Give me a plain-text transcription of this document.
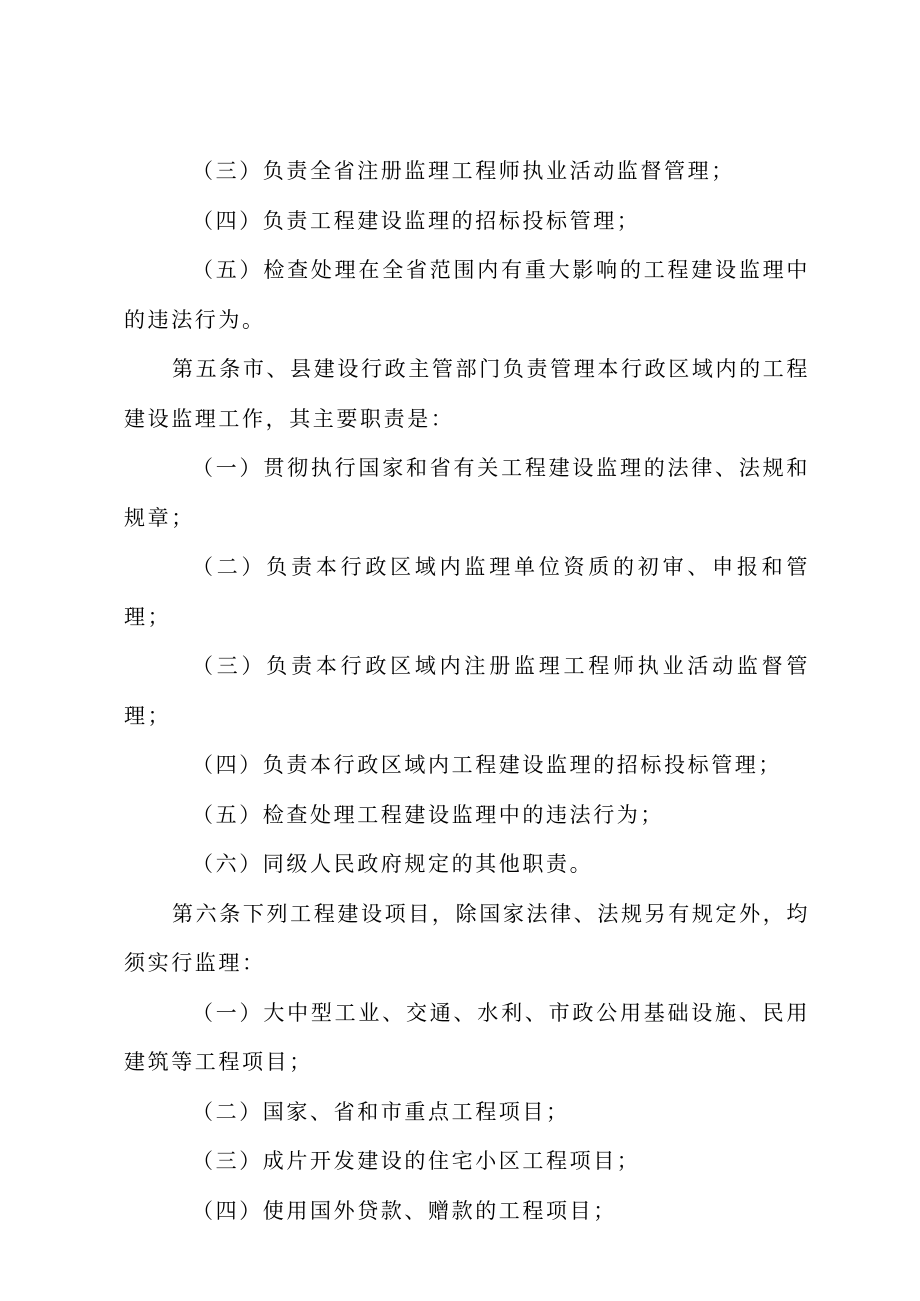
（三）负责全省注册监理工程师执业活动监督管理；

（四）负责工程建设监理的招标投标管理；

（五）检查处理在全省范围内有重大影响的工程建设监理中的违法行为。

第五条市、县建设行政主管部门负责管理本行政区域内的工程建设监理工作，其主要职责是：

（一）贯彻执行国家和省有关工程建设监理的法律、法规和规章；

（二）负责本行政区域内监理单位资质的初审、申报和管理；

（三）负责本行政区域内注册监理工程师执业活动监督管理；

（四）负责本行政区域内工程建设监理的招标投标管理；

（五）检查处理工程建设监理中的违法行为；

（六）同级人民政府规定的其他职责。

第六条下列工程建设项目，除国家法律、法规另有规定外，均须实行监理：

（一）大中型工业、交通、水利、市政公用基础设施、民用建筑等工程项目；

（二）国家、省和市重点工程项目；

（三）成片开发建设的住宅小区工程项目；

（四）使用国外贷款、赠款的工程项目；
